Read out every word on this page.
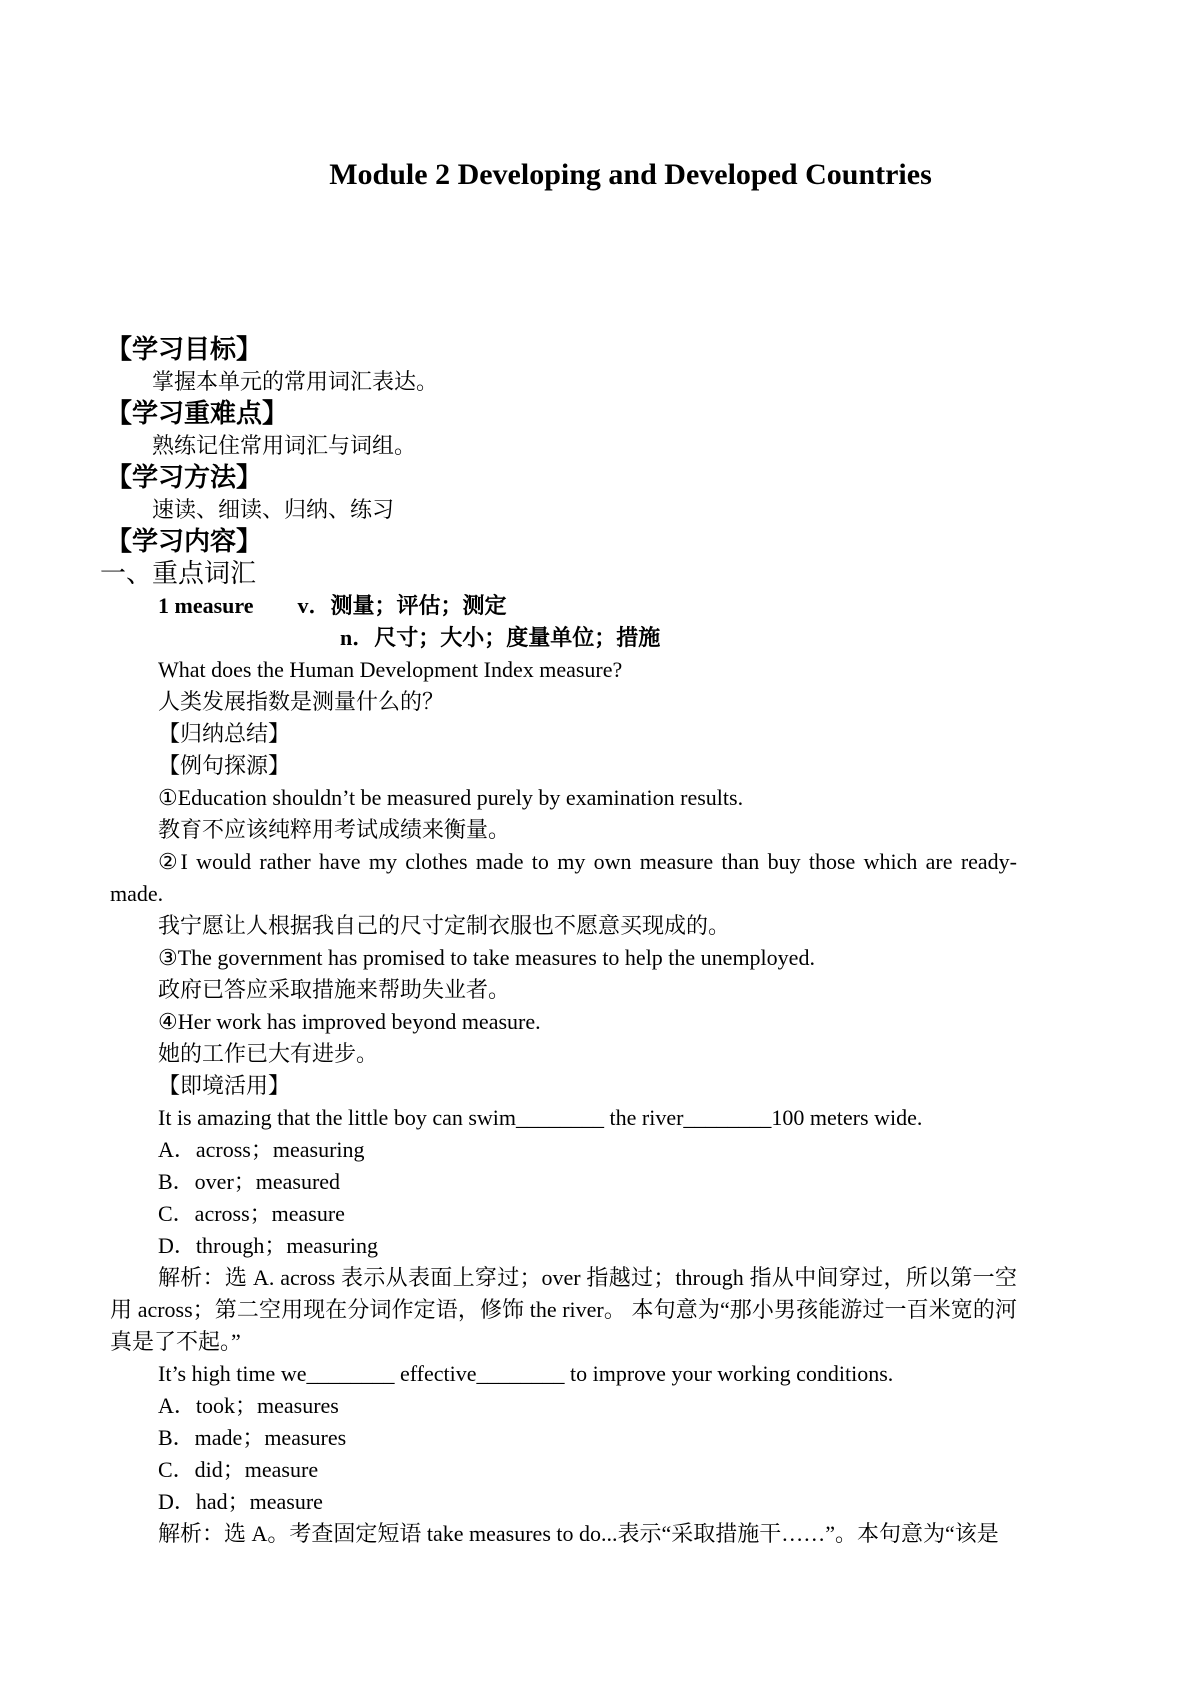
Module 2 Developing and Developed Countries
【学习目标】
掌握本单元的常用词汇表达。
【学习重难点】
熟练记住常用词汇与词组。
【学习方法】
速读、细读、归纳、练习
【学习内容】
一、重点词汇
1 measure v．测量；评估；测定
n．尺寸；大小；度量单位；措施
What does the Human Development Index measure?
人类发展指数是测量什么的？
【归纳总结】
【例句探源】
①Education shouldn’t be measured purely by examination results.
教育不应该纯粹用考试成绩来衡量。
②I would rather have my clothes made to my own measure than buy those which are ready-made.
我宁愿让人根据我自己的尺寸定制衣服也不愿意买现成的。
③The government has promised to take measures to help the unemployed.
政府已答应采取措施来帮助失业者。
④Her work has improved beyond measure.
她的工作已大有进步。
【即境活用】
It is amazing that the little boy can swim________ the river________100 meters wide.
A．across；measuring
B．over；measured
C．across；measure
D．through；measuring
解析：选 A. across 表示从表面上穿过；over 指越过；through 指从中间穿过，所以第一空用 across；第二空用现在分词作定语，修饰 the river。 本句意为“那小男孩能游过一百米宽的河真是了不起。”
It’s high time we________ effective________ to improve your working conditions.
A．took；measures
B．made；measures
C．did；measure
D．had；measure
解析：选 A。考查固定短语 take measures to do...表示“采取措施干……”。本句意为“该是
